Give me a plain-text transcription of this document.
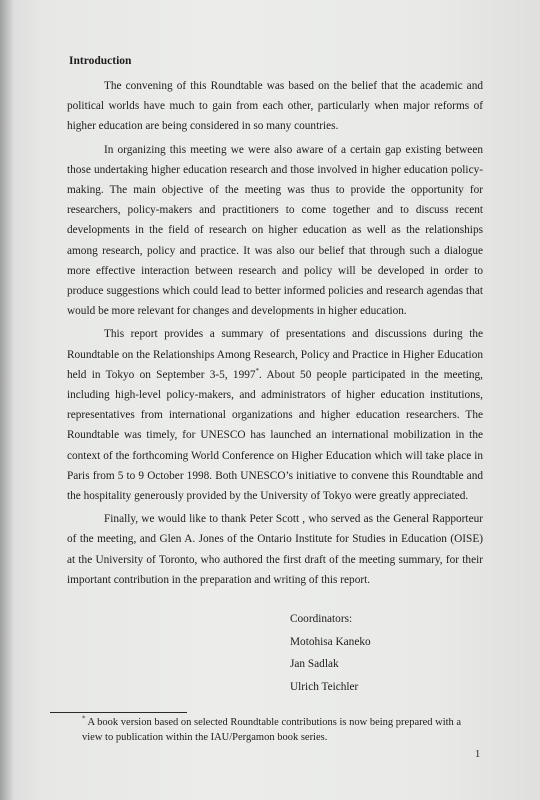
Introduction

The convening of this Roundtable was based on the belief that the academic and political worlds have much to gain from each other, particularly when major reforms of higher education are being considered in so many countries.

In organizing this meeting we were also aware of a certain gap existing between those undertaking higher education research and those involved in higher education policy-making. The main objective of the meeting was thus to provide the opportunity for researchers, policy-makers and practitioners to come together and to discuss recent developments in the field of research on higher education as well as the relationships among research, policy and practice. It was also our belief that through such a dialogue more effective interaction between research and policy will be developed in order to produce suggestions which could lead to better informed policies and research agendas that would be more relevant for changes and developments in higher education.

This report provides a summary of presentations and discussions during the Roundtable on the Relationships Among Research, Policy and Practice in Higher Education held in Tokyo on September 3-5, 1997*. About 50 people participated in the meeting, including high-level policy-makers, and administrators of higher education institutions, representatives from international organizations and higher education researchers. The Roundtable was timely, for UNESCO has launched an international mobilization in the context of the forthcoming World Conference on Higher Education which will take place in Paris from 5 to 9 October 1998. Both UNESCO’s initiative to convene this Roundtable and the hospitality generously provided by the University of Tokyo were greatly appreciated.

Finally, we would like to thank Peter Scott , who served as the General Rapporteur of the meeting, and Glen A. Jones of the Ontario Institute for Studies in Education (OISE) at the University of Toronto, who authored the first draft of the meeting summary, for their important contribution in the preparation and writing of this report.

Coordinators:
Motohisa Kaneko
Jan Sadlak
Ulrich Teichler
* A book version based on selected Roundtable contributions is now being prepared with a view to publication within the IAU/Pergamon book series.
1
